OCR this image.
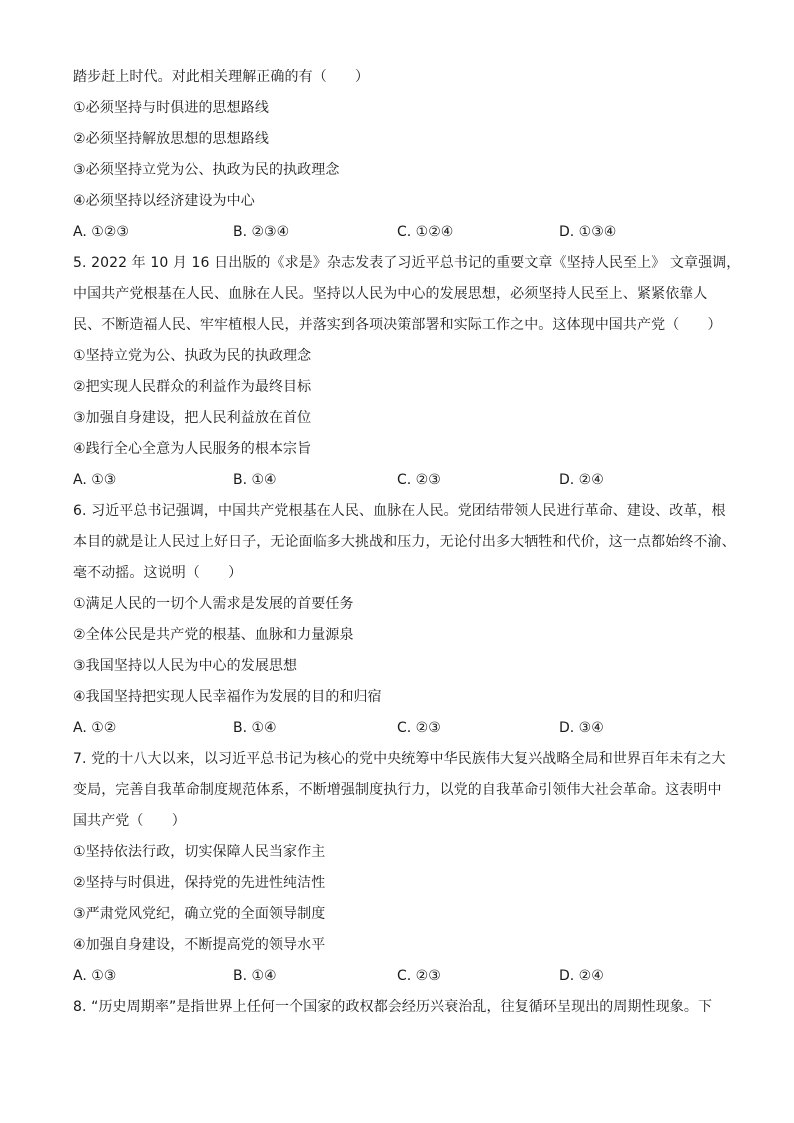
踏步赶上时代。对此相关理解正确的有（　　）
①必须坚持与时俱进的思想路线
②必须坚持解放思想的思想路线
③必须坚持立党为公、执政为民的执政理念
④必须坚持以经济建设为中心
A. ①②③	B. ②③④	C. ①②④	D. ①③④
5. 2022 年 10 月 16 日出版的《求是》杂志发表了习近平总书记的重要文章《坚持人民至上》 文章强调，
中国共产党根基在人民、血脉在人民。坚持以人民为中心的发展思想，必须坚持人民至上、紧紧依靠人
民、不断造福人民、牢牢植根人民，并落实到各项决策部署和实际工作之中。这体现中国共产党（　　）
①坚持立党为公、执政为民的执政理念
②把实现人民群众的利益作为最终目标
③加强自身建设，把人民利益放在首位
④践行全心全意为人民服务的根本宗旨
A. ①③	B. ①④	C. ②③	D. ②④
6. 习近平总书记强调，中国共产党根基在人民、血脉在人民。党团结带领人民进行革命、建设、改革，根
本目的就是让人民过上好日子，无论面临多大挑战和压力，无论付出多大牺牲和代价，这一点都始终不渝、
毫不动摇。这说明（　　）
①满足人民的一切个人需求是发展的首要任务
②全体公民是共产党的根基、血脉和力量源泉
③我国坚持以人民为中心的发展思想
④我国坚持把实现人民幸福作为发展的目的和归宿
A. ①②	B. ①④	C. ②③	D. ③④
7. 党的十八大以来，以习近平总书记为核心的党中央统筹中华民族伟大复兴战略全局和世界百年未有之大
变局，完善自我革命制度规范体系，不断增强制度执行力，以党的自我革命引领伟大社会革命。这表明中
国共产党（　　）
①坚持依法行政，切实保障人民当家作主
②坚持与时俱进，保持党的先进性纯洁性
③严肃党风党纪，确立党的全面领导制度
④加强自身建设，不断提高党的领导水平
A. ①③	B. ①④	C. ②③	D. ②④
8. “历史周期率”是指世界上任何一个国家的政权都会经历兴衰治乱，往复循环呈现出的周期性现象。下
